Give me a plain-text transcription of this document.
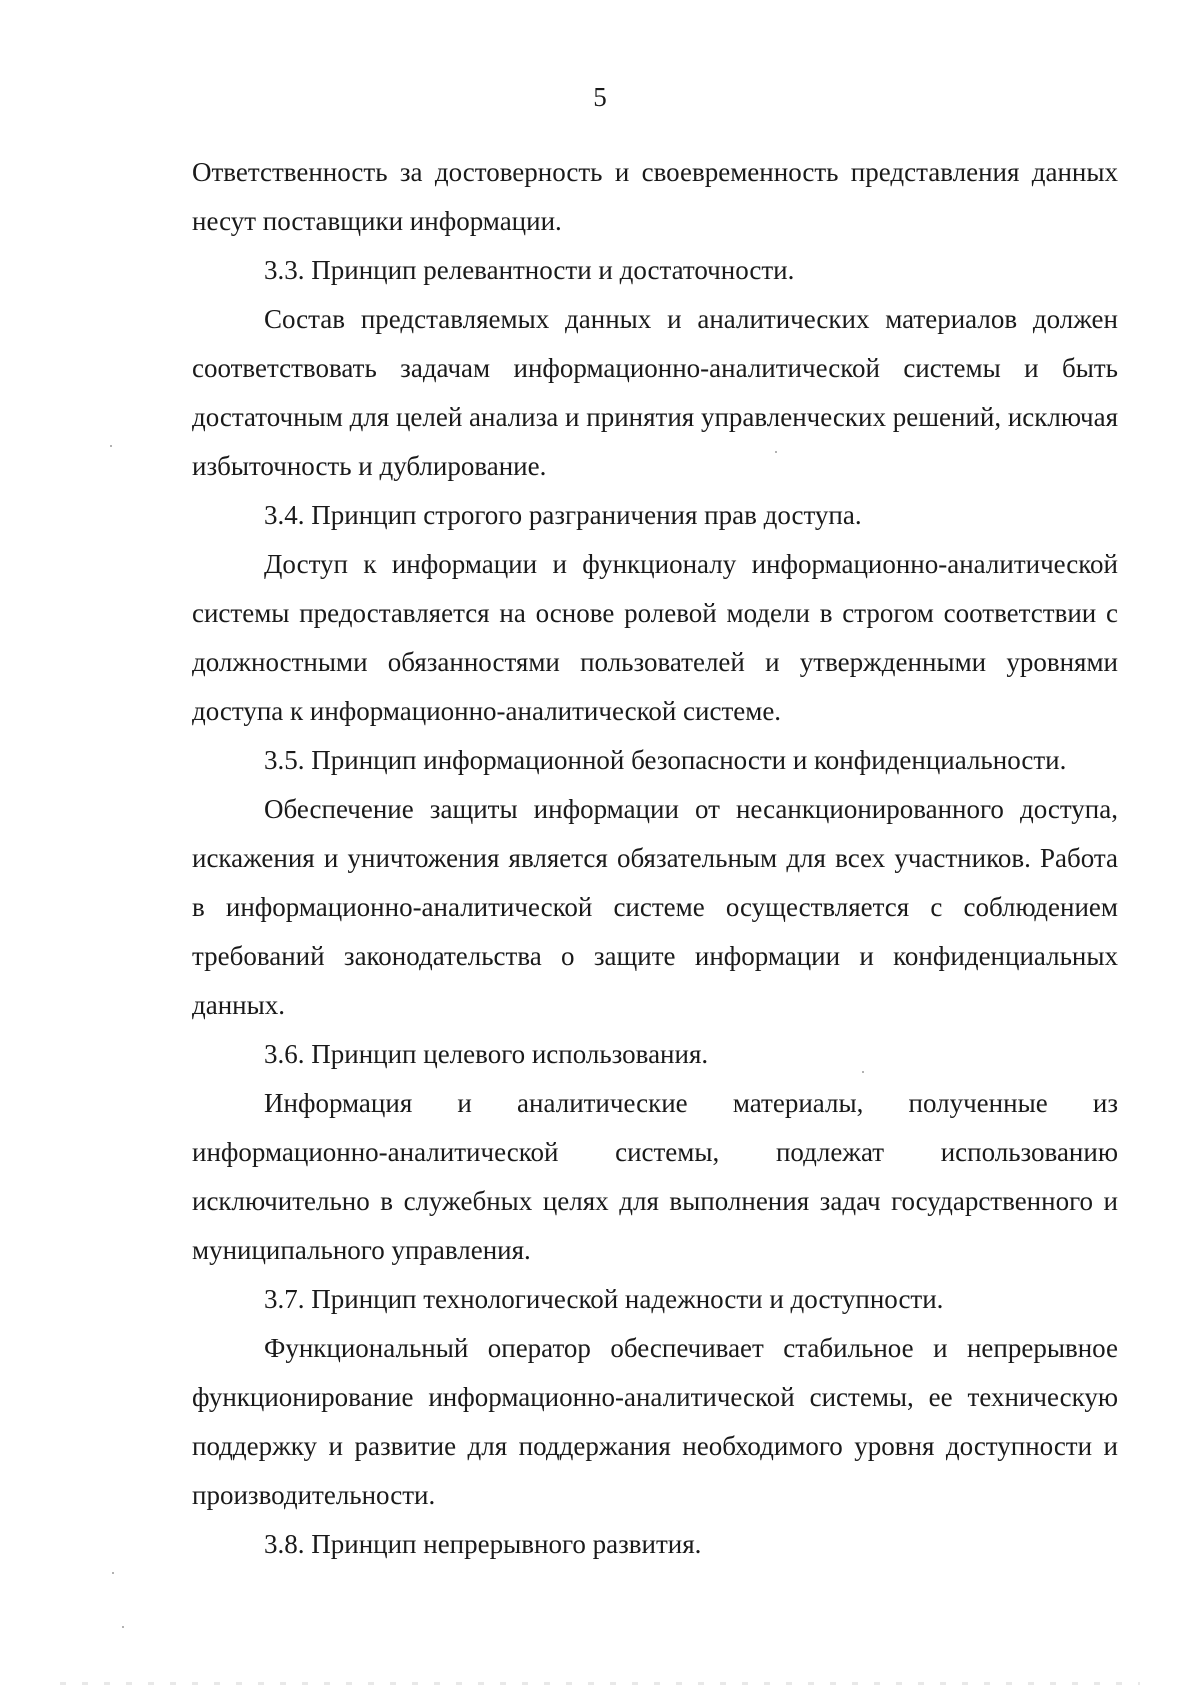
5

Ответственность за достоверность и своевременность представления данных несут поставщики информации.

3.3. Принцип релевантности и достаточности.

Состав представляемых данных и аналитических материалов должен соответствовать задачам информационно-аналитической системы и быть достаточным для целей анализа и принятия управленческих решений, исключая избыточность и дублирование.

3.4. Принцип строгого разграничения прав доступа.

Доступ к информации и функционалу информационно-аналитической системы предоставляется на основе ролевой модели в строгом соответствии с должностными обязанностями пользователей и утвержденными уровнями доступа к информационно-аналитической системе.

3.5. Принцип информационной безопасности и конфиденциальности.

Обеспечение защиты информации от несанкционированного доступа, искажения и уничтожения является обязательным для всех участников. Работа в информационно-аналитической системе осуществляется с соблюдением требований законодательства о защите информации и конфиденциальных данных.

3.6. Принцип целевого использования.

Информация и аналитические материалы, полученные из информационно-аналитической системы, подлежат использованию исключительно в служебных целях для выполнения задач государственного и муниципального управления.

3.7. Принцип технологической надежности и доступности.

Функциональный оператор обеспечивает стабильное и непрерывное функционирование информационно-аналитической системы, ее техническую поддержку и развитие для поддержания необходимого уровня доступности и производительности.

3.8. Принцип непрерывного развития.
